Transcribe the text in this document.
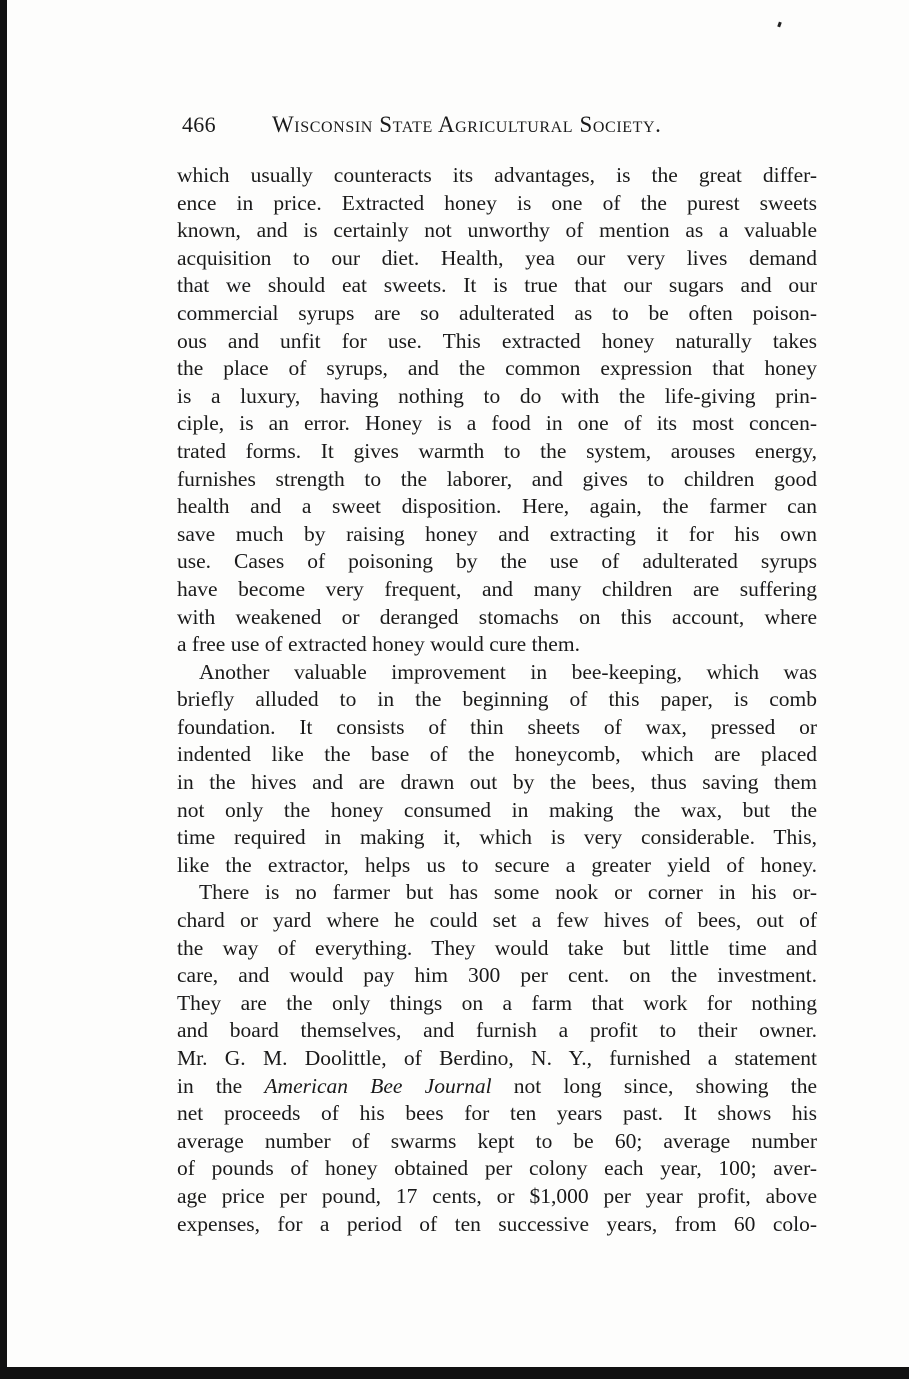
466 Wisconsin State Agricultural Society.
which usually counteracts its advantages, is the great differ-
ence in price. Extracted honey is one of the purest sweets
known, and is certainly not unworthy of mention as a valuable
acquisition to our diet. Health, yea our very lives demand
that we should eat sweets. It is true that our sugars and our
commercial syrups are so adulterated as to be often poison-
ous and unfit for use. This extracted honey naturally takes
the place of syrups, and the common expression that honey
is a luxury, having nothing to do with the life-giving prin-
ciple, is an error. Honey is a food in one of its most concen-
trated forms. It gives warmth to the system, arouses energy,
furnishes strength to the laborer, and gives to children good
health and a sweet disposition. Here, again, the farmer can
save much by raising honey and extracting it for his own
use. Cases of poisoning by the use of adulterated syrups
have become very frequent, and many children are suffering
with weakened or deranged stomachs on this account, where
a free use of extracted honey would cure them.
Another valuable improvement in bee-keeping, which was
briefly alluded to in the beginning of this paper, is comb
foundation. It consists of thin sheets of wax, pressed or
indented like the base of the honeycomb, which are placed
in the hives and are drawn out by the bees, thus saving them
not only the honey consumed in making the wax, but the
time required in making it, which is very considerable. This,
like the extractor, helps us to secure a greater yield of honey.
There is no farmer but has some nook or corner in his or-
chard or yard where he could set a few hives of bees, out of
the way of everything. They would take but little time and
care, and would pay him 300 per cent. on the investment.
They are the only things on a farm that work for nothing
and board themselves, and furnish a profit to their owner.
Mr. G. M. Doolittle, of Berdino, N. Y., furnished a statement
in the American Bee Journal not long since, showing the
net proceeds of his bees for ten years past. It shows his
average number of swarms kept to be 60; average number
of pounds of honey obtained per colony each year, 100; aver-
age price per pound, 17 cents, or $1,000 per year profit, above
expenses, for a period of ten successive years, from 60 colo-
